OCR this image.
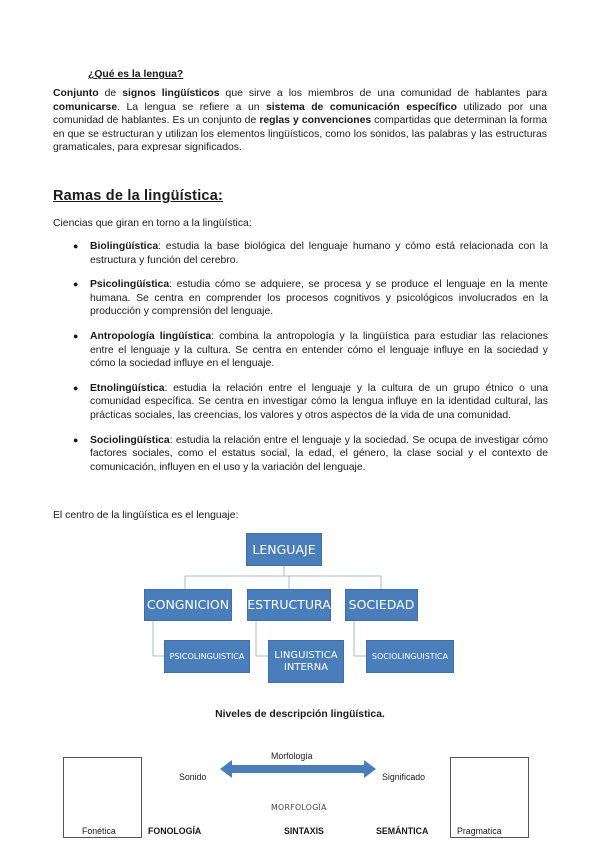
¿Qué es la lengua?

Conjunto de signos lingüísticos que sirve a los miembros de una comunidad de hablantes para comunicarse. La lengua se refiere a un sistema de comunicación específico utilizado por una comunidad de hablantes. Es un conjunto de reglas y convenciones compartidas que determinan la forma en que se estructuran y utilizan los elementos lingüísticos, como los sonidos, las palabras y las estructuras gramaticales, para expresar significados.

Ramas de la lingüística:
Ciencias que giran en torno a la lingüística:
● Biolingüística: estudia la base biológica del lenguaje humano y cómo está relacionada con la estructura y función del cerebro.
● Psicolingüística: estudia cómo se adquiere, se procesa y se produce el lenguaje en la mente humana. Se centra en comprender los procesos cognitivos y psicológicos involucrados en la producción y comprensión del lenguaje.
● Antropología lingüística: combina la antropología y la lingüística para estudiar las relaciones entre el lenguaje y la cultura. Se centra en entender cómo el lenguaje influye en la sociedad y cómo la sociedad influye en el lenguaje.
● Etnolingüística: estudia la relación entre el lenguaje y la cultura de un grupo étnico o una comunidad específica. Se centra en investigar cómo la lengua influye en la identidad cultural, las prácticas sociales, las creencias, los valores y otros aspectos de la vida de una comunidad.
● Sociolingüística: estudia la relación entre el lenguaje y la sociedad. Se ocupa de investigar cómo factores sociales, como el estatus social, la edad, el género, la clase social y el contexto de comunicación, influyen en el uso y la variación del lenguaje.
El centro de la lingüística es el lenguaje:
LENGUAJE
CONGNICION ESTRUCTURA SOCIEDAD
PSICOLINGUISTICA	LINGUISTICA INTERNA
SOCIOLINGUISTICA
Niveles de descripción lingüística.
Morfología
Sonido	Significado
MORFOLOGÍA
Fonética	FONOLOGÍA	SINTAXIS	SEMÁNTICA	Pragmatica
